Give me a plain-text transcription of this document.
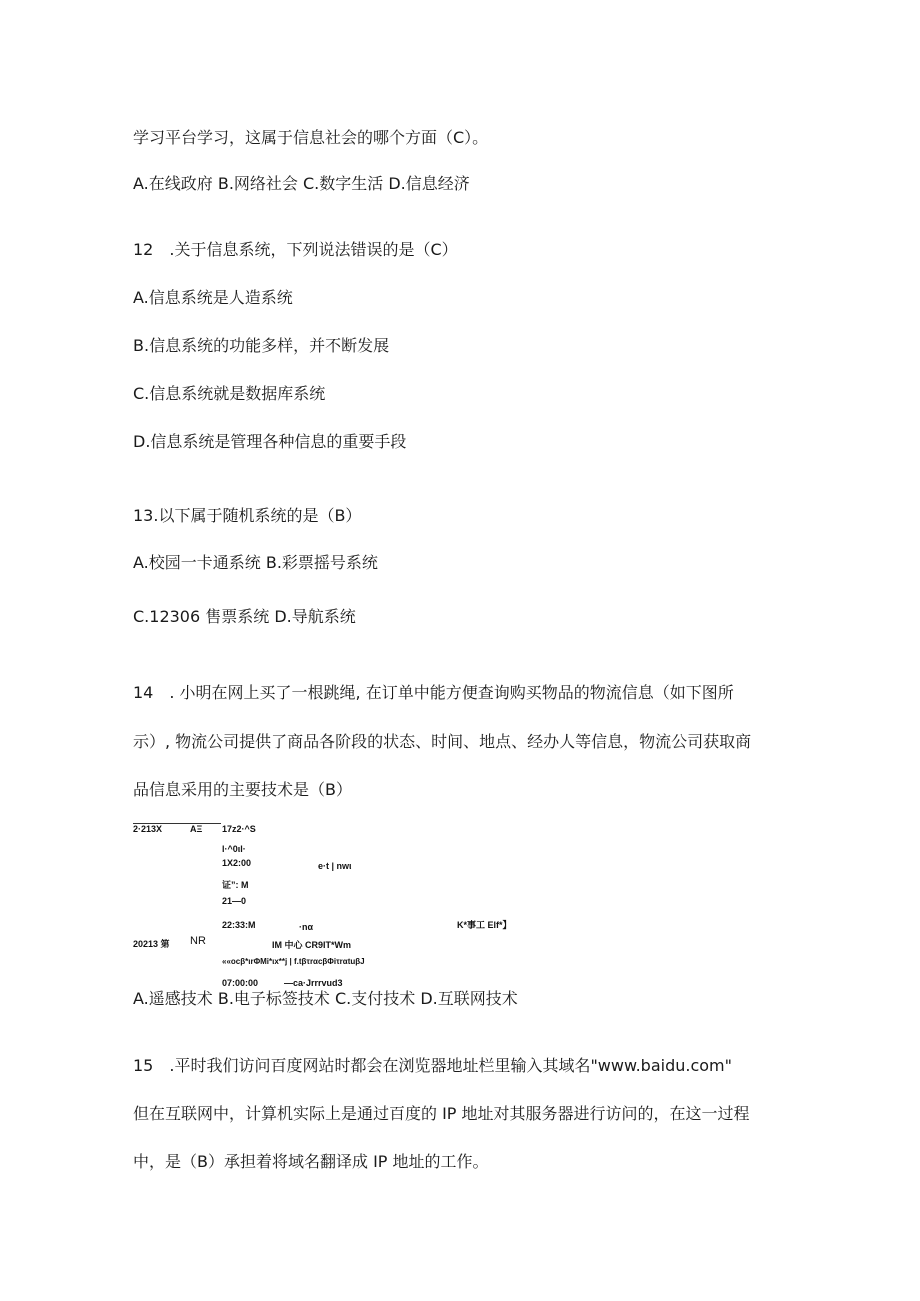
学习平台学习，这属于信息社会的哪个方面（C）。
A.在线政府 B.网络社会 C.数字生活 D.信息经济
12　.关于信息系统，下列说法错误的是（C）
A.信息系统是人造系统
B.信息系统的功能多样，并不断发展
C.信息系统就是数据库系统
D.信息系统是管理各种信息的重要手段
13.以下属于随机系统的是（B）
A.校园一卡通系统 B.彩票摇号系统
C.12306 售票系统 D.导航系统
14　. 小明在网上买了一根跳绳, 在订单中能方便查询购买物品的物流信息（如下图所
示）, 物流公司提供了商品各阶段的状态、时间、地点、经办人等信息，物流公司获取商
品信息采用的主要技术是（B）
2·213X	AΞ 17z2·^S
l·^0ιl·
1X2:00	e·t | nwι
证”: M
21—0
22:33:M	·nα	K*事工 Elf*】
20213 第 NR	IM 中心 CR9IT*Wm
««ocβ*ιrΦMi*ιx**j | f.tβτrαcβΦiτrαtuβJ
07:00:00	—ca·Jrrrvud3
A.遥感技术 B.电子标签技术 C.支付技术 D.互联网技术
15　.平时我们访问百度网站时都会在浏览器地址栏里输入其域名"www.baidu.com"
但在互联网中，计算机实际上是通过百度的 IP 地址对其服务器进行访问的，在这一过程
中，是（B）承担着将域名翻译成 IP 地址的工作。
